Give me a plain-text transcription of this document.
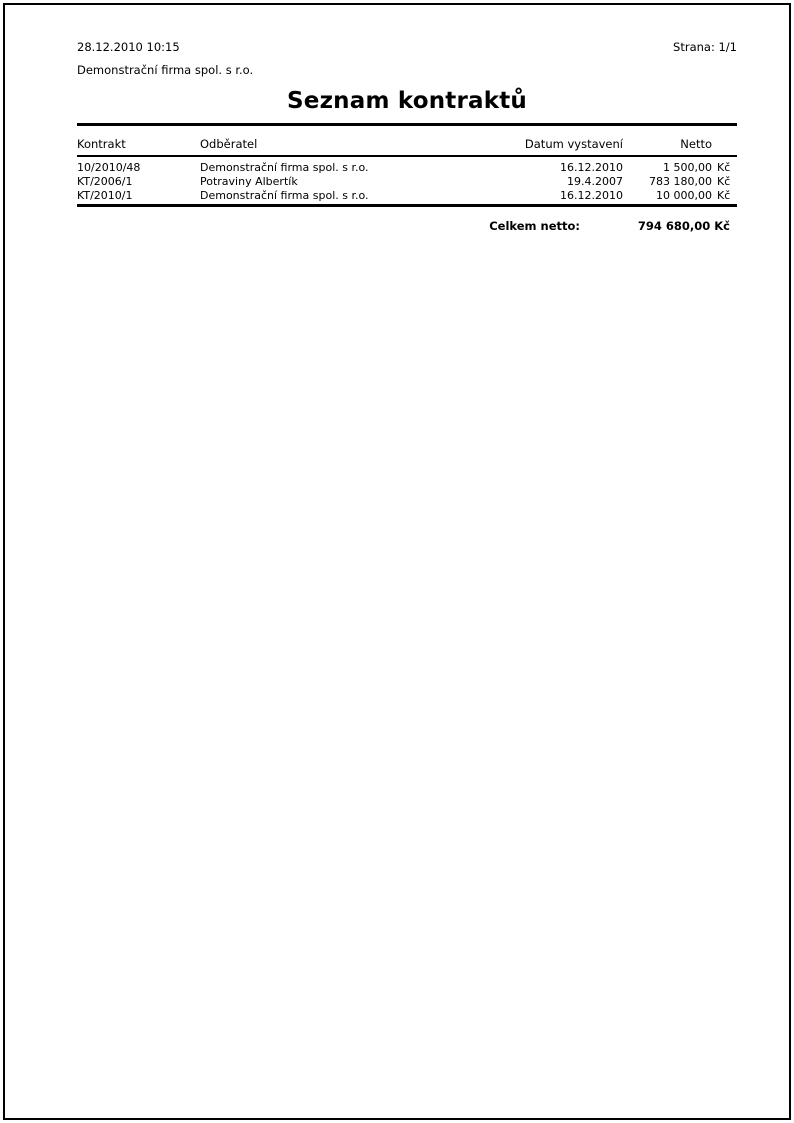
28.12.2010 10:15	Strana: 1/1
Demonstrační firma spol. s r.o.
Seznam kontraktů
Kontrakt	Odběratel	Datum vystavení	Netto	
10/2010/48	Demonstrační firma spol. s r.o.	16.12.2010	1 500,00	Kč
KT/2006/1	Potraviny Albertík	19.4.2007	783 180,00	Kč
KT/2010/1	Demonstrační firma spol. s r.o.	16.12.2010	10 000,00	Kč
Celkem netto:	794 680,00 Kč
